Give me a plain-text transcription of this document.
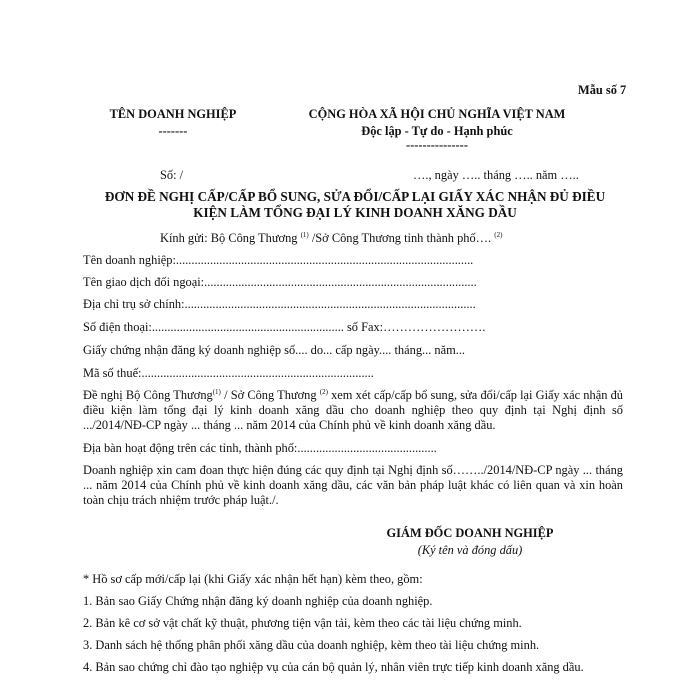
Mẫu số 7
TÊN DOANH NGHIỆP
-------
CỘNG HÒA XÃ HỘI CHỦ NGHĨA VIỆT NAM
Độc lập - Tự do - Hạnh phúc
---------------
Số: /	…., ngày ….. tháng ….. năm …..
ĐƠN ĐỀ NGHỊ CẤP/CẤP BỔ SUNG, SỬA ĐỔI/CẤP LẠI GIẤY XÁC NHẬN ĐỦ ĐIỀU
KIỆN LÀM TỔNG ĐẠI LÝ KINH DOANH XĂNG DẦU
Kính gửi: Bộ Công Thương $^{(1)}$ /Sở Công Thương tỉnh thành phố…. $^{(2)}$
Tên doanh nghiệp:................................................................................................
Tên giao dịch đối ngoại:........................................................................................
Địa chỉ trụ sở chính:..............................................................................................
Số điện thoại:.............................................................. số Fax:…………………….
Giấy chứng nhận đăng ký doanh nghiệp số.... do... cấp ngày.... tháng... năm...
Mã số thuế:...........................................................................
Đề nghị Bộ Công Thương$^{(1)}$ / Sở Công Thương $^{(2)}$ xem xét cấp/cấp bổ sung, sửa đổi/cấp lại Giấy xác nhận đủ điều kiện làm tổng đại lý kinh doanh xăng dầu cho doanh nghiệp theo quy định tại Nghị định số .../2014/NĐ-CP ngày ... tháng ... năm 2014 của Chính phủ về kinh doanh xăng dầu.
Địa bàn hoạt động trên các tỉnh, thành phố:.............................................
Doanh nghiệp xin cam đoan thực hiện đúng các quy định tại Nghị định số……../2014/NĐ-CP ngày ... tháng ... năm 2014 của Chính phủ về kinh doanh xăng dầu, các văn bản pháp luật khác có liên quan và xin hoàn toàn chịu trách nhiệm trước pháp luật./.
GIÁM ĐỐC DOANH NGHIỆP
(Ký tên và đóng dấu)
* Hồ sơ cấp mới/cấp lại (khi Giấy xác nhận hết hạn) kèm theo, gồm:
1. Bản sao Giấy Chứng nhận đăng ký doanh nghiệp của doanh nghiệp.
2. Bản kê cơ sở vật chất kỹ thuật, phương tiện vận tải, kèm theo các tài liệu chứng minh.
3. Danh sách hệ thống phân phối xăng dầu của doanh nghiệp, kèm theo tài liệu chứng minh.
4. Bản sao chứng chỉ đào tạo nghiệp vụ của cán bộ quản lý, nhân viên trực tiếp kinh doanh xăng dầu.
